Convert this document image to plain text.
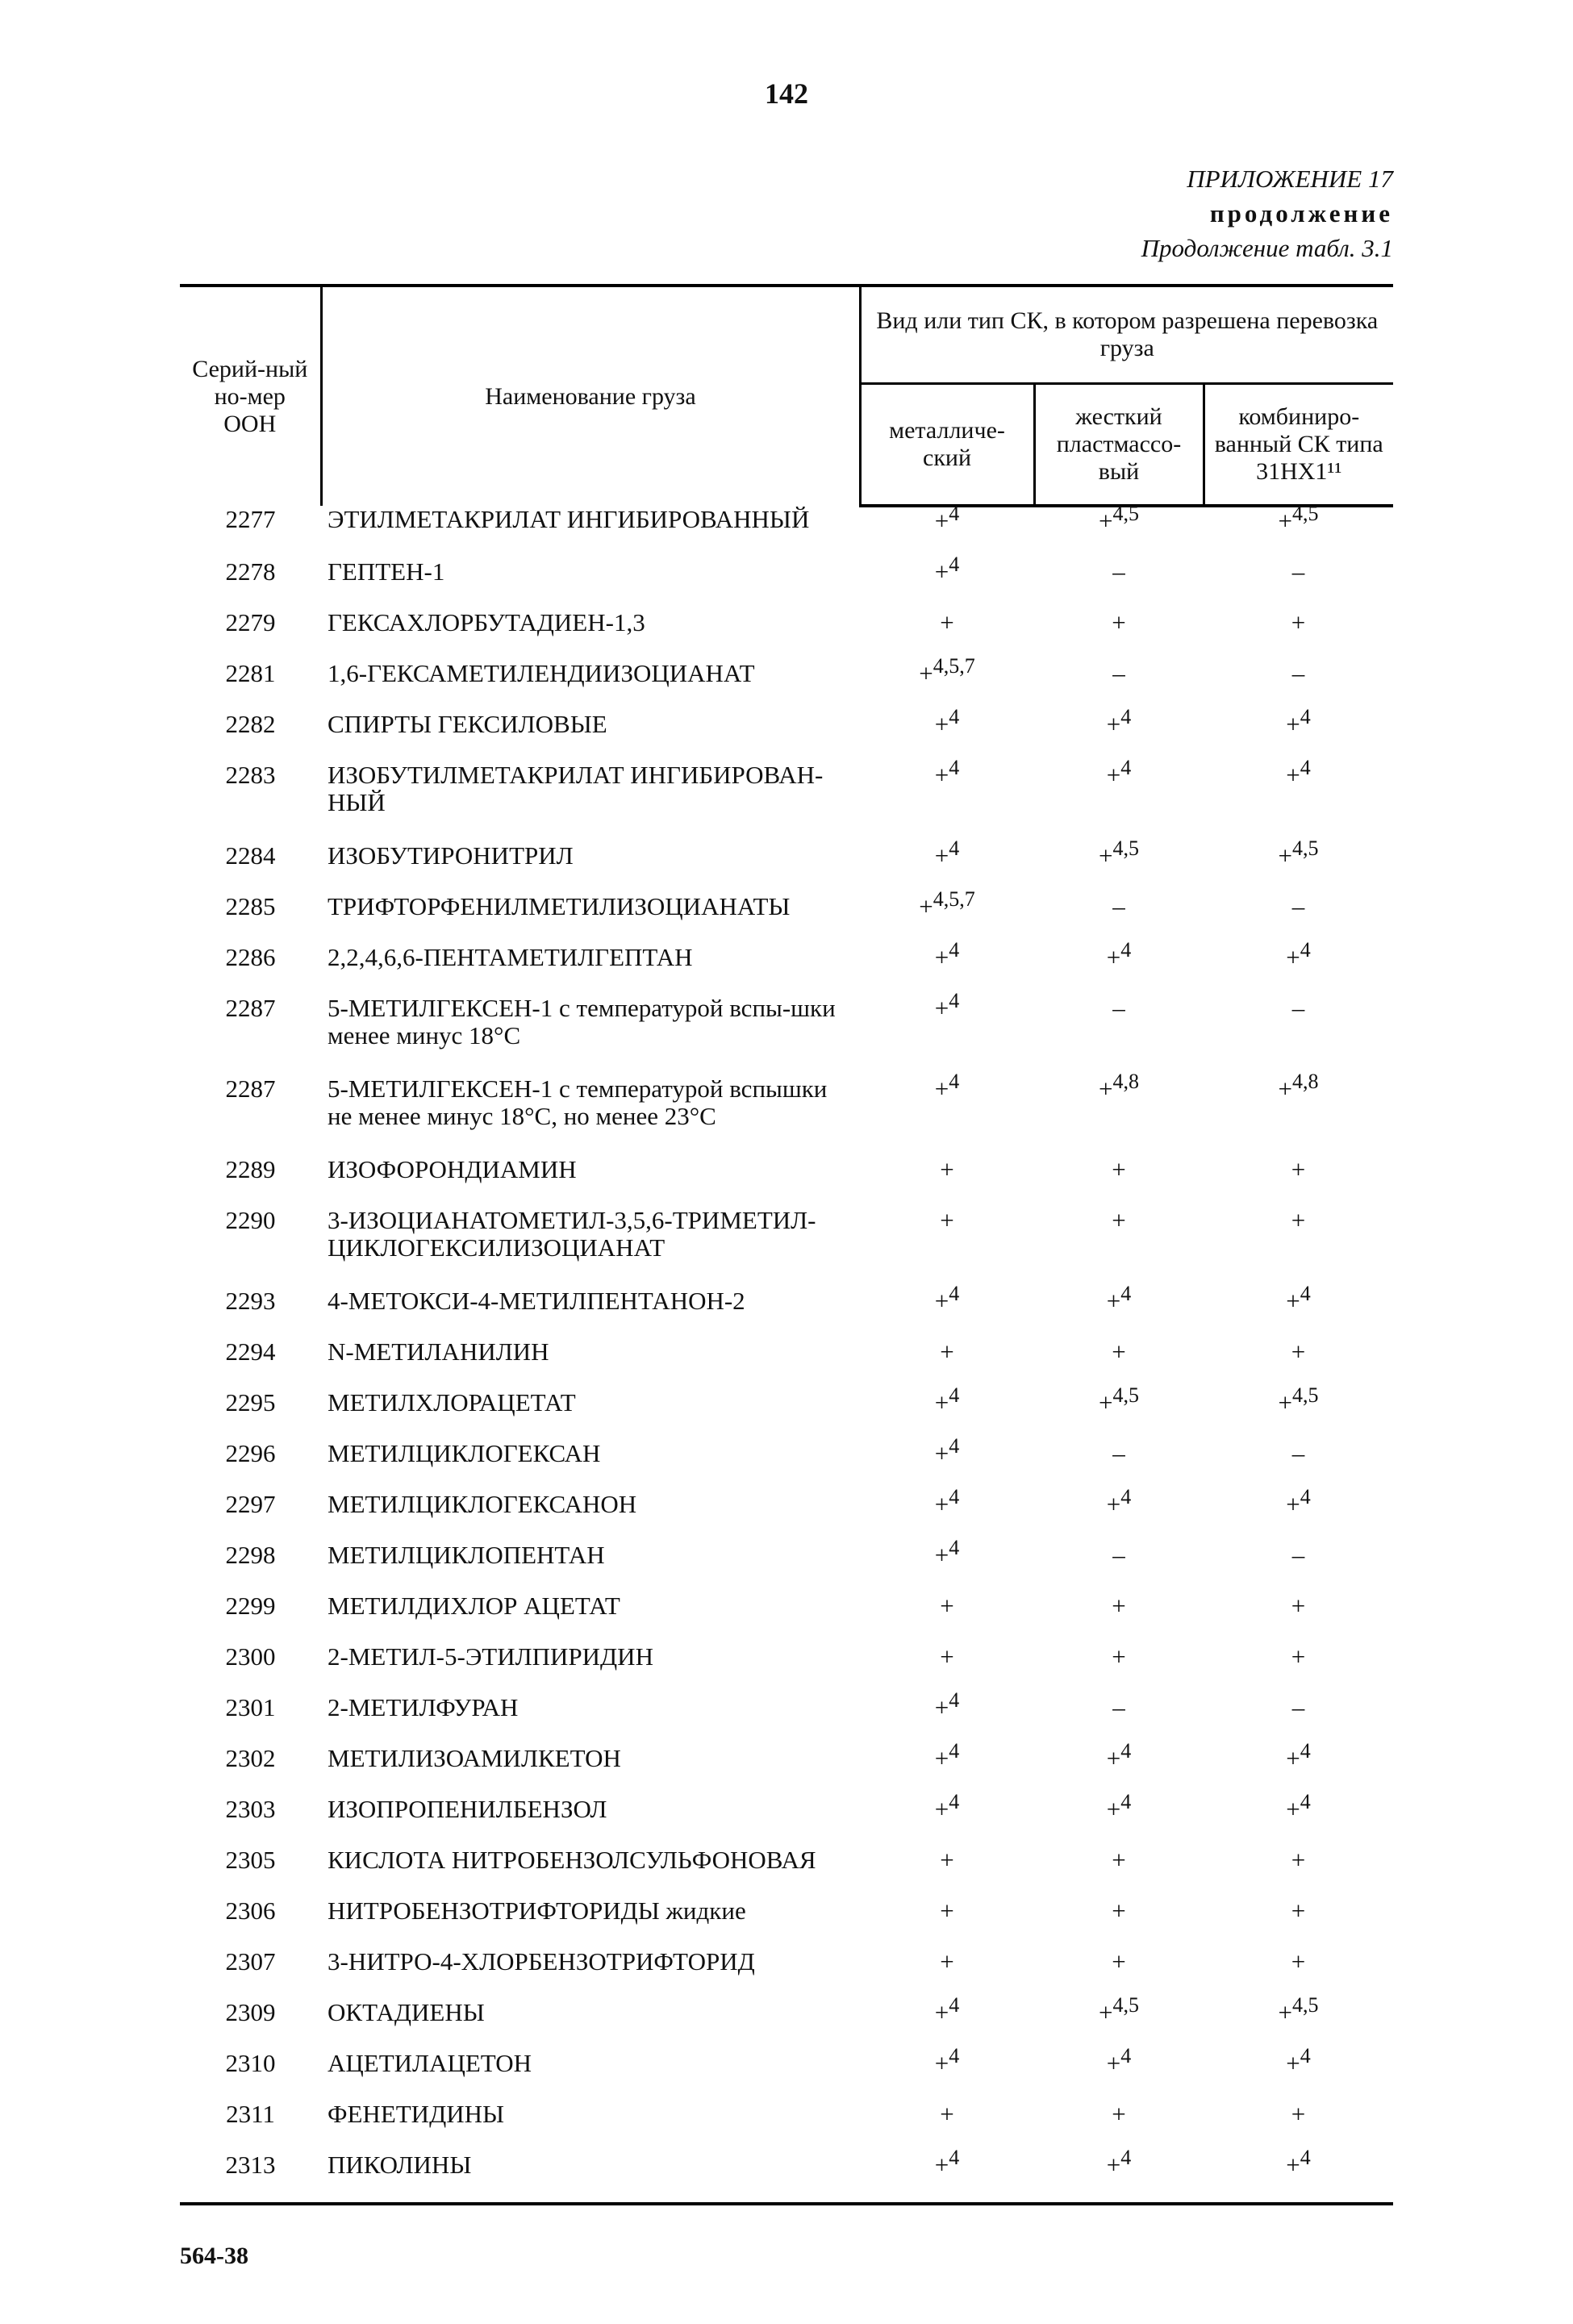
142
ПРИЛОЖЕНИЕ 17
продолжение
Продолжение табл. 3.1
Серий-ный но-мер ООН	Наименование груза	Вид или тип СК, в котором разрешена перевозка груза		
		металличе-ский	жесткий пластмассо-вый	комбиниро-ванный СК типа 31НХ1¹¹
2277	ЭТИЛМЕТАКРИЛАТ ИНГИБИРОВАННЫЙ	+$^4$	+$^{4,5}$	+$^{4,5}$
2278	ГЕПТЕН-1	+$^4$	–	–
2279	ГЕКСАХЛОРБУТАДИЕН-1,3	+	+	+
2281	1,6-ГЕКСАМЕТИЛЕНДИИЗОЦИАНАТ	+$^{4,5,7}$	–	–
2282	СПИРТЫ ГЕКСИЛОВЫЕ	+$^4$	+$^4$	+$^4$
2283	ИЗОБУТИЛМЕТАКРИЛАТ ИНГИБИРОВАН-НЫЙ	+$^4$	+$^4$	+$^4$
2284	ИЗОБУТИРОНИТРИЛ	+$^4$	+$^{4,5}$	+$^{4,5}$
2285	ТРИФТОРФЕНИЛМЕТИЛИЗОЦИАНАТЫ	+$^{4,5,7}$	–	–
2286	2,2,4,6,6-ПЕНТАМЕТИЛГЕПТАН	+$^4$	+$^4$	+$^4$
2287	5-МЕТИЛГЕКСЕН-1 с температурой вспы-шки менее минус 18°С	+$^4$	–	–
2287	5-МЕТИЛГЕКСЕН-1 с температурой вспышки не менее минус 18°С, но менее 23°С	+$^4$	+$^{4,8}$	+$^{4,8}$
2289	ИЗОФОРОНДИАМИН	+	+	+
2290	3-ИЗОЦИАНАТОМЕТИЛ-3,5,6-ТРИМЕТИЛ-ЦИКЛОГЕКСИЛИЗОЦИАНАТ	+	+	+
2293	4-МЕТОКСИ-4-МЕТИЛПЕНТАНОН-2	+$^4$	+$^4$	+$^4$
2294	N-МЕТИЛАНИЛИН	+	+	+
2295	МЕТИЛХЛОРАЦЕТАТ	+$^4$	+$^{4,5}$	+$^{4,5}$
2296	МЕТИЛЦИКЛОГЕКСАН	+$^4$	–	–
2297	МЕТИЛЦИКЛОГЕКСАНОН	+$^4$	+$^4$	+$^4$
2298	МЕТИЛЦИКЛОПЕНТАН	+$^4$	–	–
2299	МЕТИЛДИХЛОР АЦЕТАТ	+	+	+
2300	2-МЕТИЛ-5-ЭТИЛПИРИДИН	+	+	+
2301	2-МЕТИЛФУРАН	+$^4$	–	–
2302	МЕТИЛИЗОАМИЛКЕТОН	+$^4$	+$^4$	+$^4$
2303	ИЗОПРОПЕНИЛБЕНЗОЛ	+$^4$	+$^4$	+$^4$
2305	КИСЛОТА НИТРОБЕНЗОЛСУЛЬФОНОВАЯ	+	+	+
2306	НИТРОБЕНЗОТРИФТОРИДЫ жидкие	+	+	+
2307	3-НИТРО-4-ХЛОРБЕНЗОТРИФТОРИД	+	+	+
2309	ОКТАДИЕНЫ	+$^4$	+$^{4,5}$	+$^{4,5}$
2310	АЦЕТИЛАЦЕТОН	+$^4$	+$^4$	+$^4$
2311	ФЕНЕТИДИНЫ	+	+	+
2313	ПИКОЛИНЫ	+$^4$	+$^4$	+$^4$
564-38
